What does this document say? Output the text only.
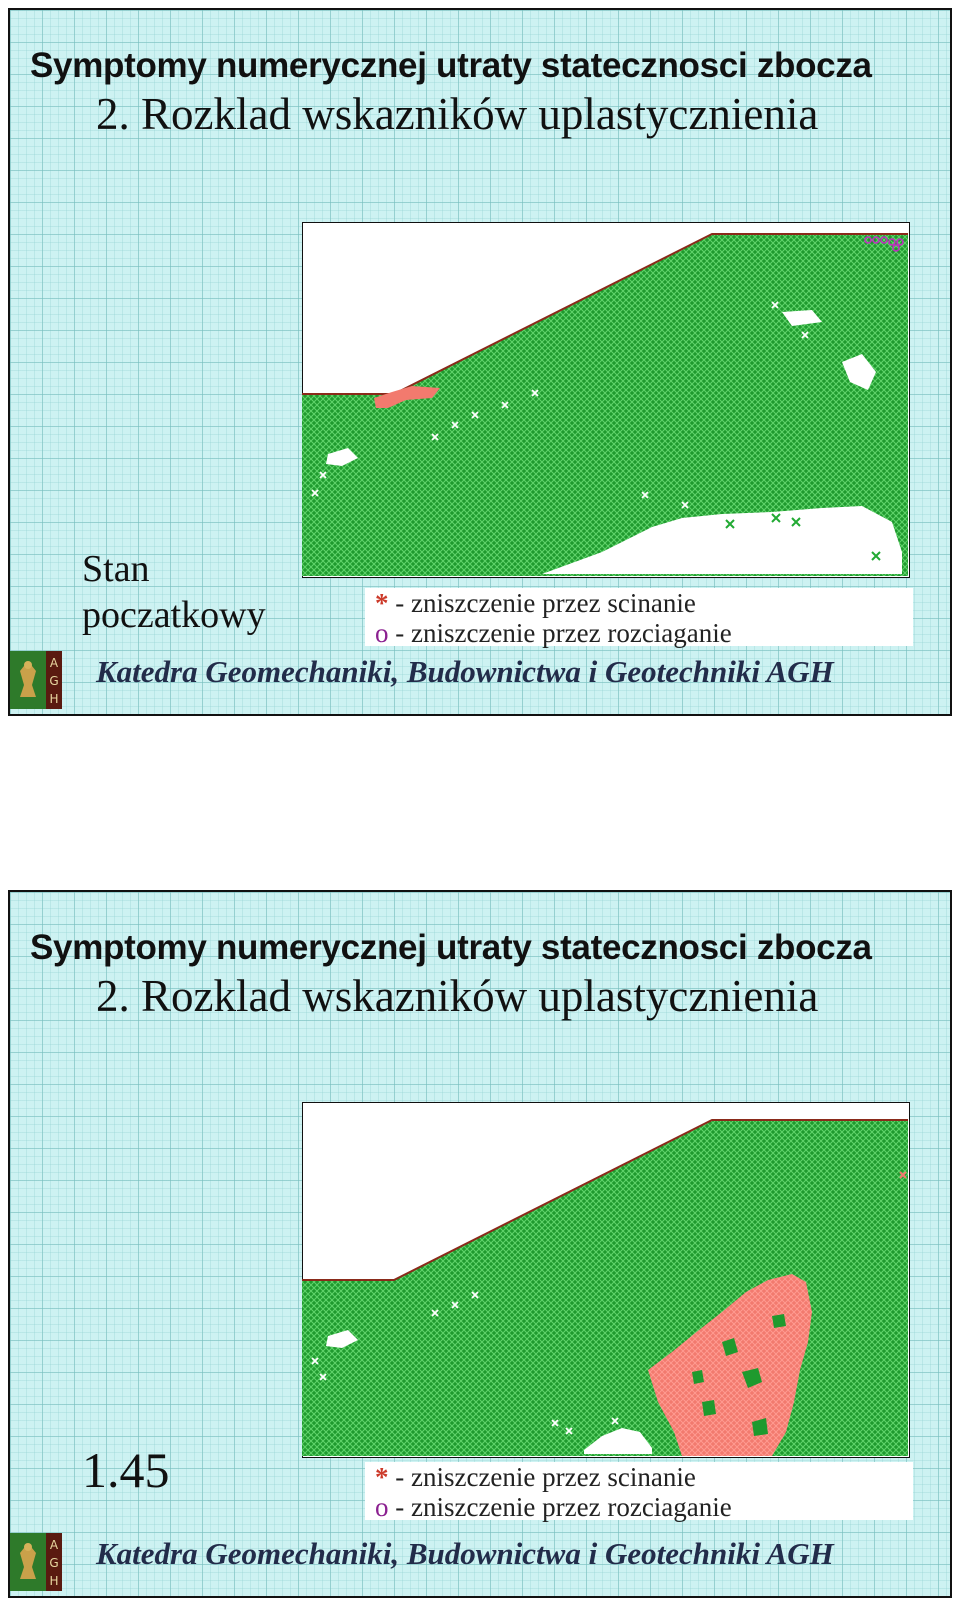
Symptomy numerycznej utraty statecznosci zbocza
2. Rozklad wskazników uplastycznienia
Stan poczatkowy	* - zniszczenie przez scinanie
o - zniszczenie przez rozciaganie
A
G
H
Katedra Geomechaniki, Budownictwa i Geotechniki AGH
Symptomy numerycznej utraty statecznosci zbocza
2. Rozklad wskazników uplastycznienia
1.45	* - zniszczenie przez scinanie
o - zniszczenie przez rozciaganie
A
G
H
Katedra Geomechaniki, Budownictwa i Geotechniki AGH
